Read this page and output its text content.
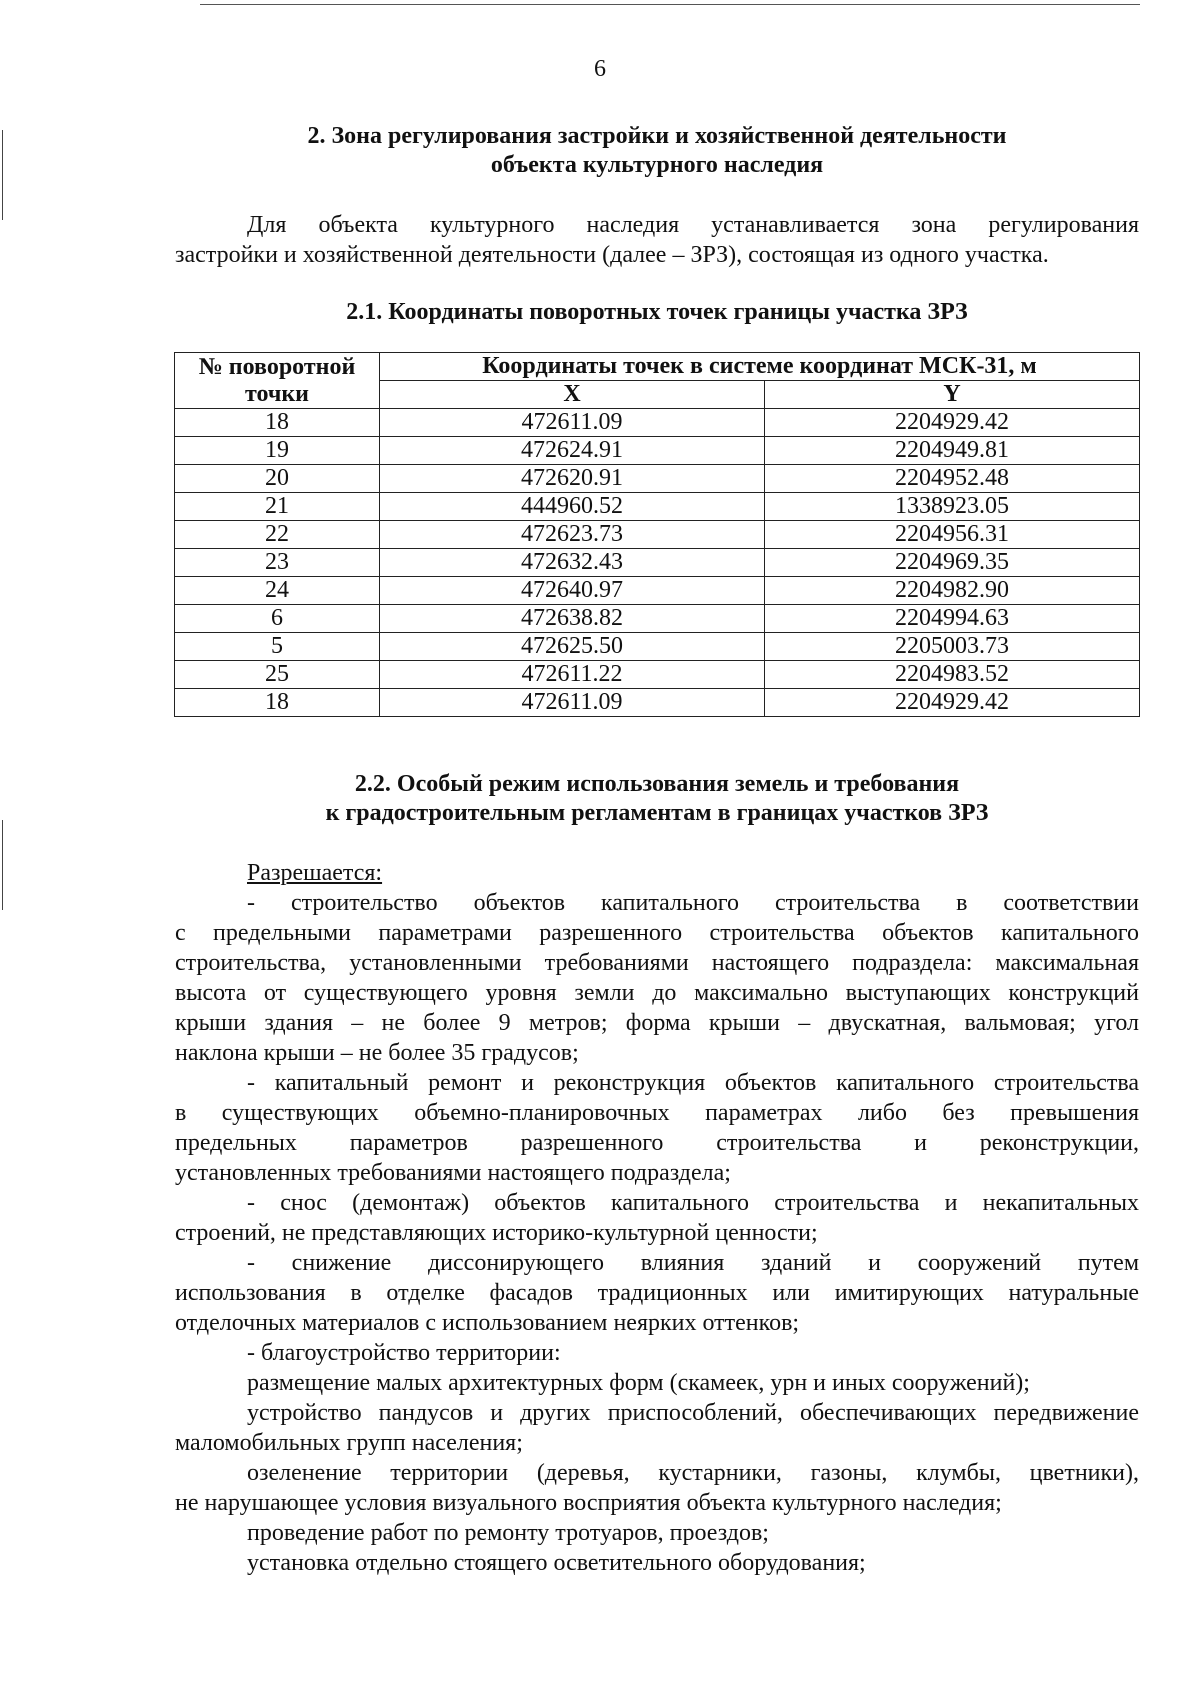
6
2. Зона регулирования застройки и хозяйственной деятельности
объекта культурного наследия
Для объекта культурного наследия устанавливается зона регулирования
застройки и хозяйственной деятельности (далее – ЗРЗ), состоящая из одного участка.
2.1. Координаты поворотных точек границы участка ЗРЗ
№ поворотной
точки	Координаты точек в системе координат МСК-31, м	
	X	Y
18	472611.09	2204929.42
19	472624.91	2204949.81
20	472620.91	2204952.48
21	444960.52	1338923.05
22	472623.73	2204956.31
23	472632.43	2204969.35
24	472640.97	2204982.90
6	472638.82	2204994.63
5	472625.50	2205003.73
25	472611.22	2204983.52
18	472611.09	2204929.42
2.2. Особый режим использования земель и требования
к градостроительным регламентам в границах участков ЗРЗ
Разрешается:
- строительство объектов капитального строительства в соответствии
с предельными параметрами разрешенного строительства объектов капитального
строительства, установленными требованиями настоящего подраздела: максимальная
высота от существующего уровня земли до максимально выступающих конструкций
крыши здания – не более 9 метров; форма крыши – двускатная, вальмовая; угол
наклона крыши – не более 35 градусов;
- капитальный ремонт и реконструкция объектов капитального строительства
в существующих объемно-планировочных параметрах либо без превышения
предельных параметров разрешенного строительства и реконструкции,
установленных требованиями настоящего подраздела;
- снос (демонтаж) объектов капитального строительства и некапитальных
строений, не представляющих историко-культурной ценности;
- снижение диссонирующего влияния зданий и сооружений путем
использования в отделке фасадов традиционных или имитирующих натуральные
отделочных материалов с использованием неярких оттенков;
- благоустройство территории:
размещение малых архитектурных форм (скамеек, урн и иных сооружений);
устройство пандусов и других приспособлений, обеспечивающих передвижение
маломобильных групп населения;
озеленение территории (деревья, кустарники, газоны, клумбы, цветники),
не нарушающее условия визуального восприятия объекта культурного наследия;
проведение работ по ремонту тротуаров, проездов;
установка отдельно стоящего осветительного оборудования;
